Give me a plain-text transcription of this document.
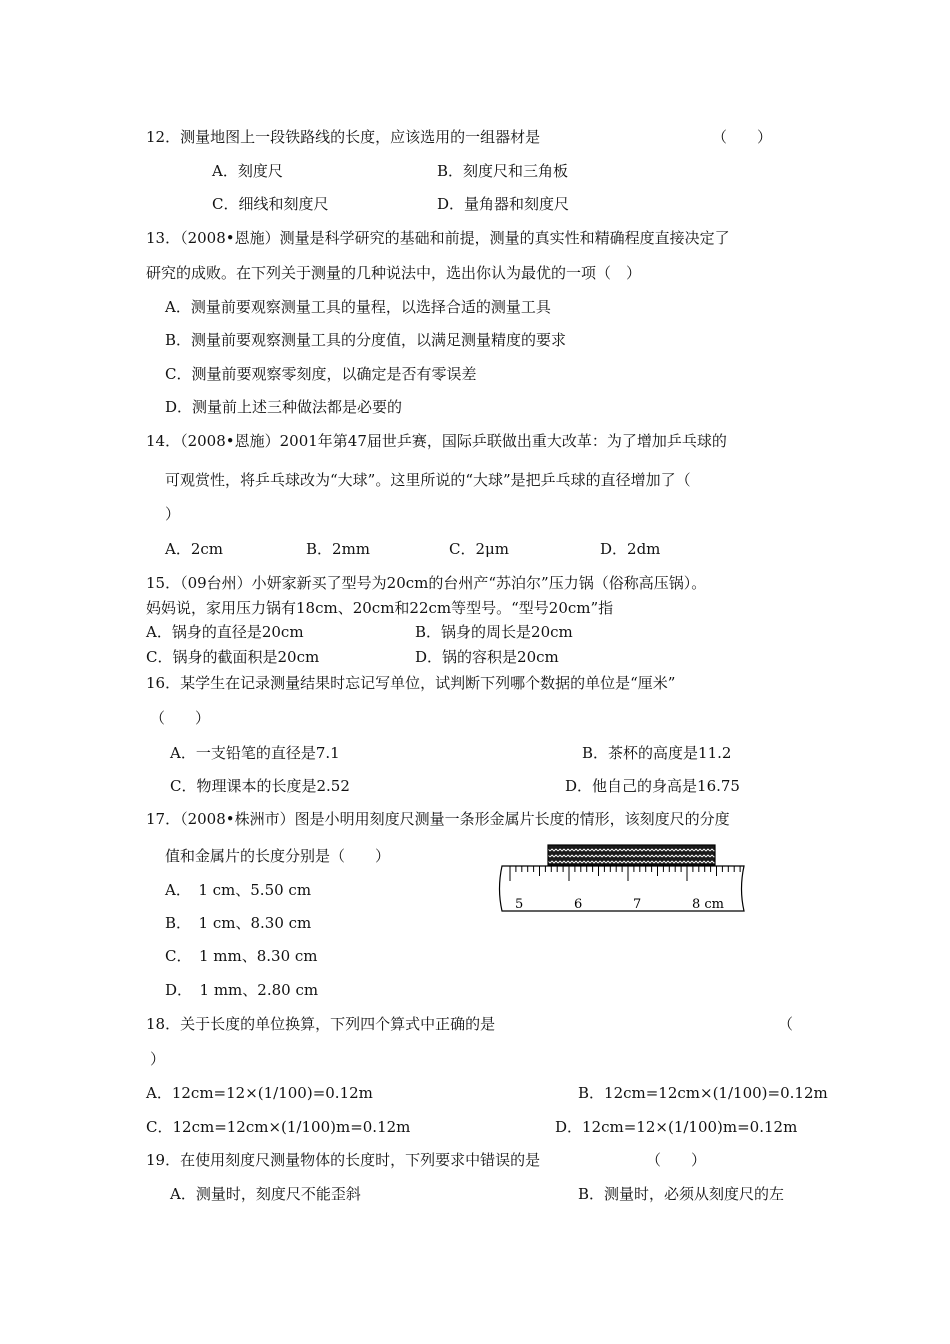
12．测量地图上一段铁路线的长度，应该选用的一组器材是	（　　）
A．刻度尺	B．刻度尺和三角板
C．细线和刻度尺	D．量角器和刻度尺
13．（2008•恩施）测量是科学研究的基础和前提，测量的真实性和精确程度直接决定了
研究的成败。在下列关于测量的几种说法中，选出你认为最优的一项（　）
A．测量前要观察测量工具的量程，以选择合适的测量工具
B．测量前要观察测量工具的分度值，以满足测量精度的要求
C．测量前要观察零刻度，以确定是否有零误差
D．测量前上述三种做法都是必要的
14．（2008•恩施）2001年第47届世乒赛，国际乒联做出重大改革：为了增加乒乓球的
可观赏性，将乒乓球改为“大球”。这里所说的“大球”是把乒乓球的直径增加了（
）
A．2cm	B．2mm	C．2μm	D．2dm
15．（09台州）小妍家新买了型号为20cm的台州产“苏泊尔”压力锅（俗称高压锅）。
妈妈说，家用压力锅有18cm、20cm和22cm等型号。“型号20cm”指
A．锅身的直径是20cm	B．锅身的周长是20cm
C．锅身的截面积是20cm	D．锅的容积是20cm
16．某学生在记录测量结果时忘记写单位，试判断下列哪个数据的单位是“厘米”
（　　）
A．一支铅笔的直径是7.1	B．茶杯的高度是11.2
C．物理课本的长度是2.52	D．他自己的身高是16.75
17．（2008•株洲市）图是小明用刻度尺测量一条形金属片长度的情形，该刻度尺的分度
值和金属片的长度分别是（　　）
A．　1 cm、5.50 cm
B．　1 cm、8.30 cm
C．　1 mm、8.30 cm
D．　1 mm、2.80 cm
5	6	7	8 cm
18．关于长度的单位换算，下列四个算式中正确的是	（
）
A．12cm=12×(1/100)=0.12m	B．12cm=12cm×(1/100)=0.12m
C．12cm=12cm×(1/100)m=0.12m	D．12cm=12×(1/100)m=0.12m
19．在使用刻度尺测量物体的长度时，下列要求中错误的是	（　　）
A．测量时，刻度尺不能歪斜	B．测量时，必须从刻度尺的左
